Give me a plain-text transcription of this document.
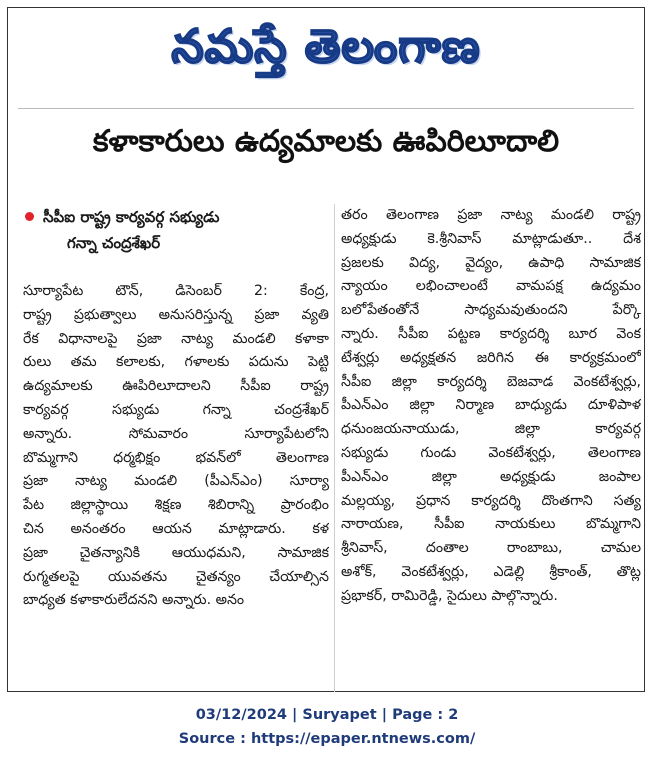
నమస్తే తెలంగాణ
కళాకారులు ఉద్యమాలకు ఊపిరిలూదాలి
సీపీఐ రాష్ట్ర కార్యవర్గ సభ్యుడు
గన్నా చంద్రశేఖర్

సూర్యాపేట టౌన్, డిసెంబర్ 2: కేంద్ర,
రాష్ట్ర ప్రభుత్వాలు అనుసరిస్తున్న ప్రజా వ్యతి
రేక విధానాలపై ప్రజా నాట్య మండలి కళాకా
రులు తమ కలాలకు, గళాలకు పదును పెట్టి
ఉద్యమాలకు ఊపిరిలూదాలని సీపీఐ రాష్ట్ర
కార్యవర్గ సభ్యుడు గన్నా చంద్రశేఖర్
అన్నారు. సోమవారం సూర్యాపేటలోని
బొమ్మగాని ధర్మభిక్షం భవన్‌లో తెలంగాణ
ప్రజా నాట్య మండలి (పీఎన్‌ఎం) సూర్యా
పేట జిల్లాస్థాయి శిక్షణ శిబిరాన్ని ప్రారంభిం
చిన అనంతరం ఆయన మాట్లాడారు. కళ
ప్రజా చైతన్యానికి ఆయుధమని, సామాజిక
రుగ్మతలపై యువతను చైతన్యం చేయాల్సిన
బాధ్యత కళాకారులేదనని అన్నారు. అనం

తరం తెలంగాణ ప్రజా నాట్య మండలి రాష్ట్ర
అధ్యక్షుడు కె.శ్రీనివాస్ మాట్లాడుతూ.. దేశ
ప్రజలకు విద్య, వైద్యం, ఉపాధి సామాజిక
న్యాయం లభించాలంటే వామపక్ష ఉద్యమం
బలోపేతంతోనే సాధ్యమవుతుందని పేర్కొ
న్నారు. సీపీఐ పట్టణ కార్యదర్శి బూర వెంక
టేశ్వర్లు అధ్యక్షతన జరిగిన ఈ కార్యక్రమంలో
సీపీఐ జిల్లా కార్యదర్శి బెజవాడ వెంకటేశ్వర్లు,
పీఎన్‌ఎం జిల్లా నిర్మాణ బాధ్యుడు దూళిపాళ
ధనుంజయనాయుడు, జిల్లా కార్యవర్గ
సభ్యుడు గుండు వెంకటేశ్వర్లు, తెలంగాణ
పీఎన్‌ఎం జిల్లా అధ్యక్షుడు జంపాల
మల్లయ్య, ప్రధాన కార్యదర్శి దొంతగాని సత్య
నారాయణ, సీపీఐ నాయకులు బొమ్మగాని
శ్రీనివాస్, దంతాల రాంబాబు, చామల
అశోక్, వెంకటేశ్వర్లు, ఎడెల్లి శ్రీకాంత్, తొట్ల
ప్రభాకర్, రామిరెడ్డి, సైదులు పాల్గొన్నారు.

03/12/2024 | Suryapet | Page : 2
Source : https://epaper.ntnews.com/
